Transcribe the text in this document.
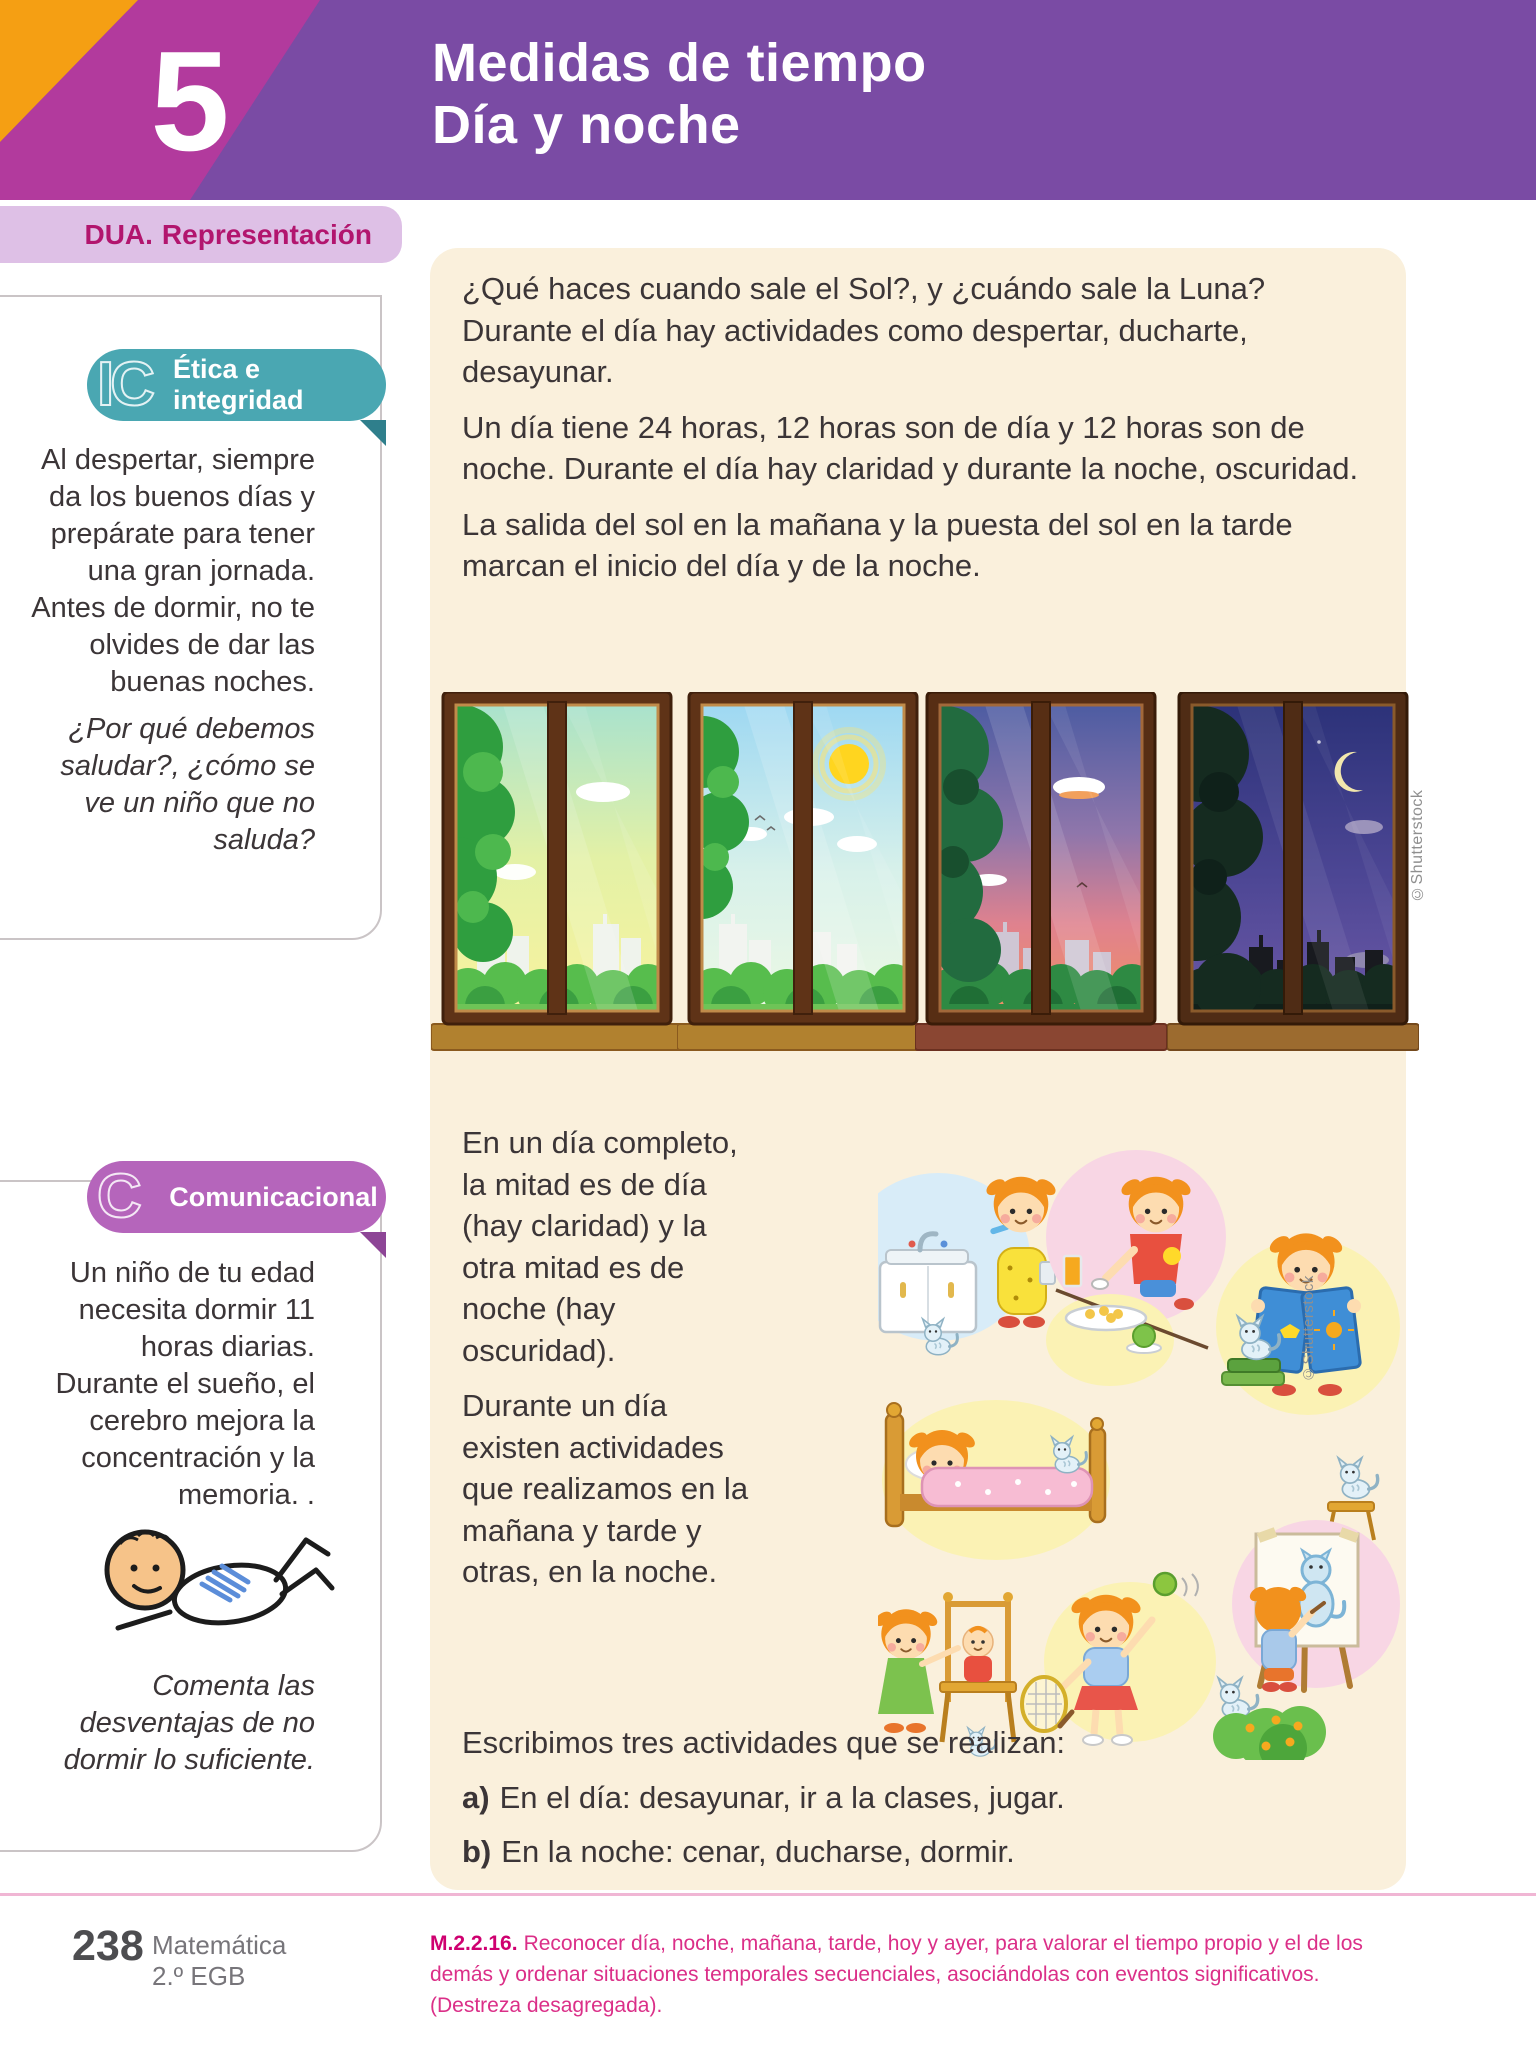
5	Medidas de tiempo
Día y noche
DUA. Representación

¿Qué haces cuando sale el Sol?, y ¿cuándo sale la Luna? Durante el día hay actividades como despertar, ducharte, desayunar.

Un día tiene 24 horas, 12 horas son de día y 12 horas son de noche. Durante el día hay claridad y durante la noche, oscuridad.

La salida del sol en la mañana y la puesta del sol en la tarde marcan el inicio del día y de la noche.

©Shutterstock

En un día completo, la mitad es de día (hay claridad) y la otra mitad es de noche (hay oscuridad).

Durante un día existen actividades que realizamos en la mañana y tarde y otras, en la noche.

©Shutterstock
Escribimos tres actividades que se realizan:
a) En el día: desayunar, ir a la clases, jugar.
b) En la noche: cenar, ducharse, dormir.
IC Ética e integridad
Al despertar, siempre da los buenos días y prepárate para tener una gran jornada. Antes de dormir, no te olvides de dar las buenas noches.
¿Por qué debemos saludar?, ¿cómo se ve un niño que no saluda?
C Comunicacional
Un niño de tu edad necesita dormir 11 horas diarias. Durante el sueño, el cerebro mejora la concentración y la memoria. .
Comenta las desventajas de no dormir lo suficiente.
238 Matemática
2.º EGB
M.2.2.16. Reconocer día, noche, mañana, tarde, hoy y ayer, para valorar el tiempo propio y el de los demás y ordenar situaciones temporales secuenciales, asociándolas con eventos significativos. (Destreza desagregada).
